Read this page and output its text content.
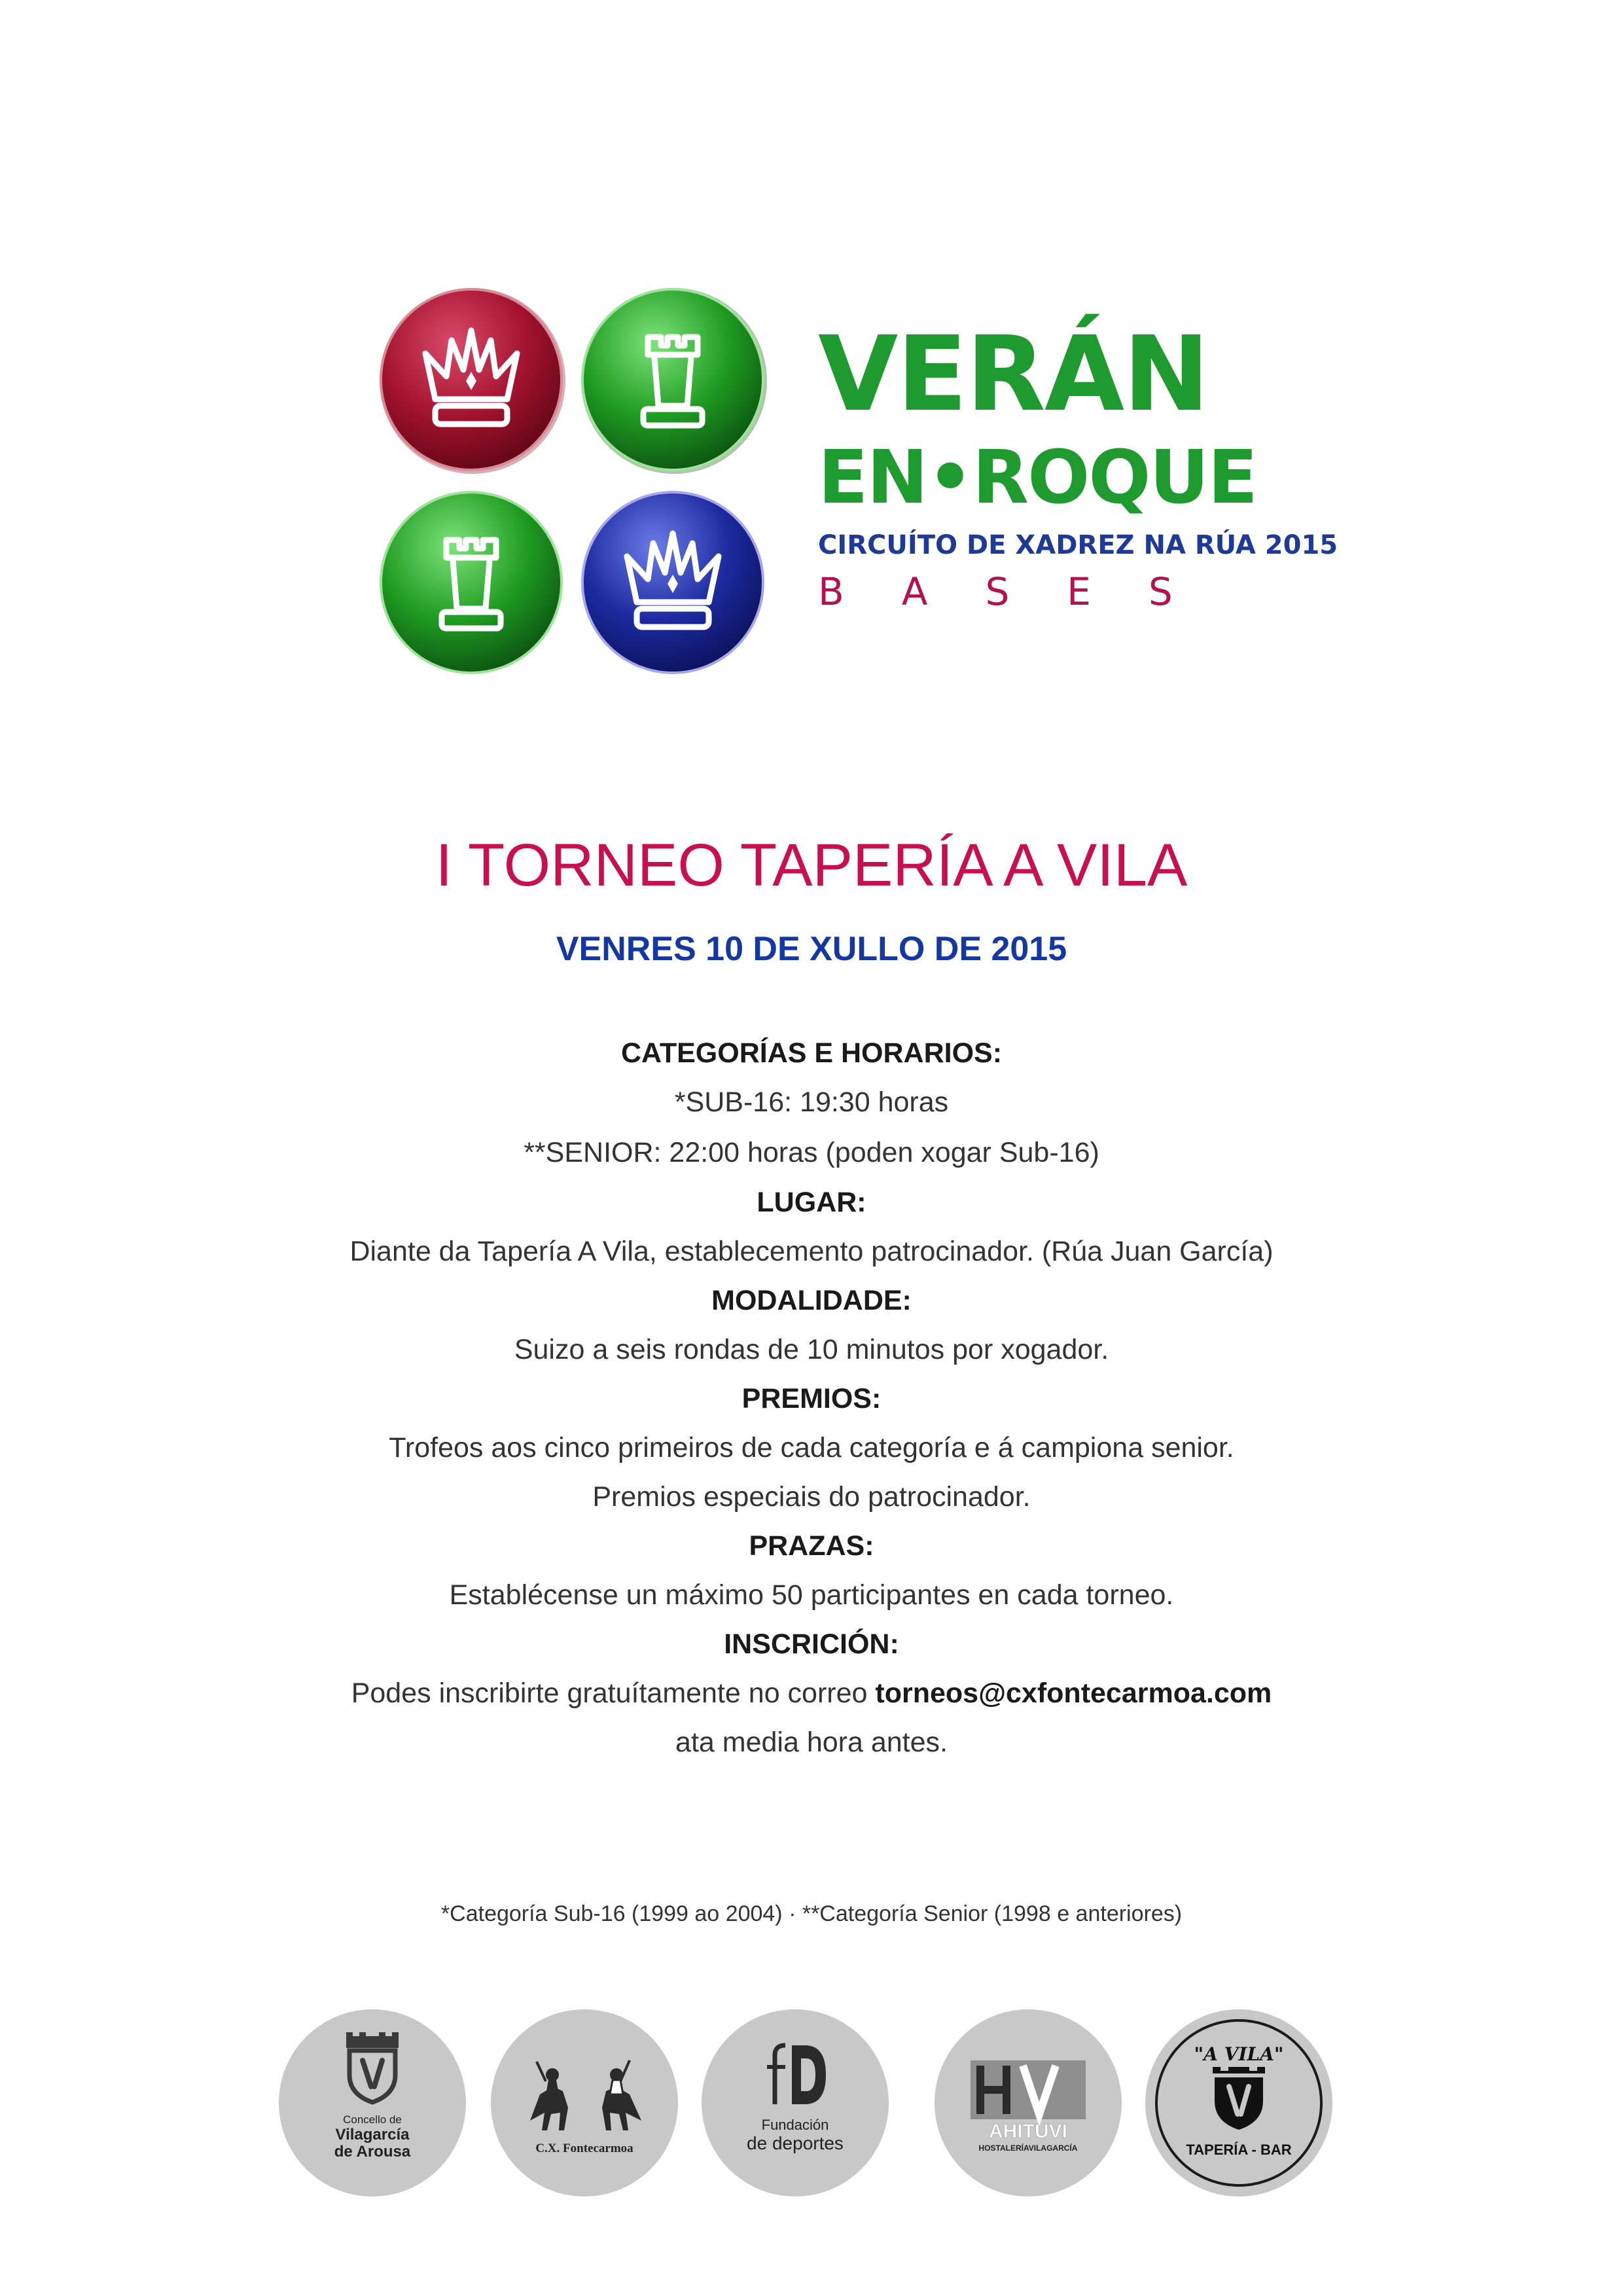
VERÁN
EN•ROQUE
CIRCUÍTO DE XADREZ NA RÚA 2015
BASES
I TORNEO TAPERÍA A VILA
VENRES 10 DE XULLO DE 2015
CATEGORÍAS E HORARIOS:
*SUB-16: 19:30 horas
**SENIOR: 22:00 horas (poden xogar Sub-16)
LUGAR:
Diante da Tapería A Vila, establecemento patrocinador. (Rúa Juan García)
MODALIDADE:
Suizo a seis rondas de 10 minutos por xogador.
PREMIOS:
Trofeos aos cinco primeiros de cada categoría e á campiona senior.
Premios especiais do patrocinador.
PRAZAS:
Establécense un máximo 50 participantes en cada torneo.
INSCRICIÓN:
Podes inscribirte gratuítamente no correo torneos@cxfontecarmoa.com
ata media hora antes.
*Categoría Sub-16 (1999 ao 2004) · **Categoría Senior (1998 e anteriores)
Concello de
Vilagarcía
de Arousa	C.X. Fontecarmoa
Fundación
de deportes
AHITUVI
HOSTALERÍAVILAGARCÍA
"A VILA"
TAPERÍA - BAR
